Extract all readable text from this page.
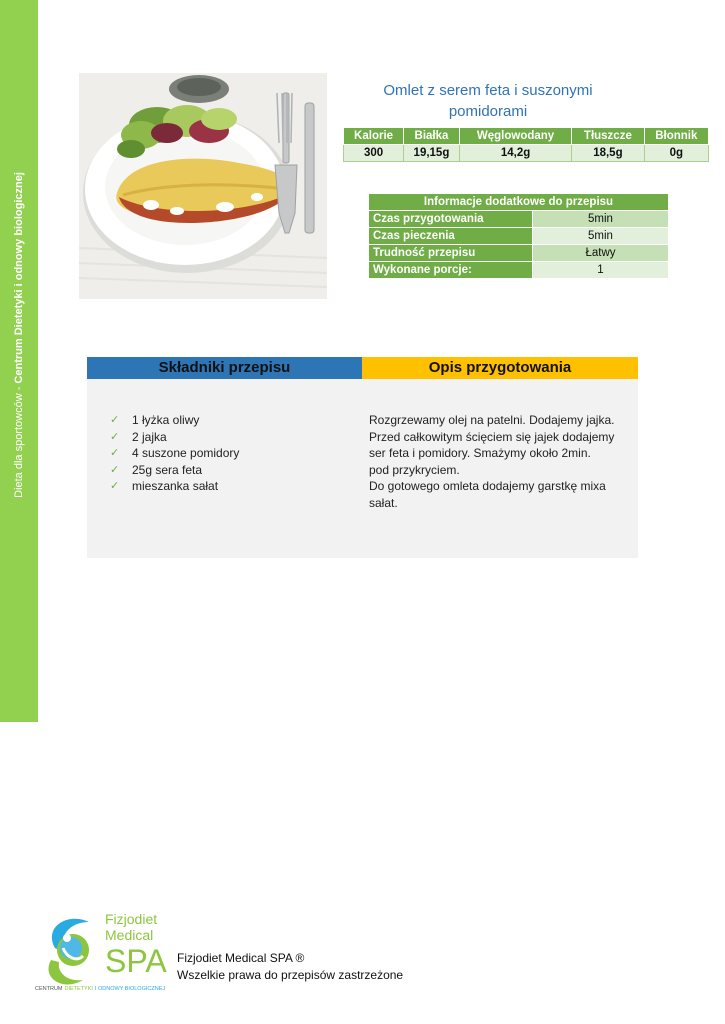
Dieta dla sportowców - Centrum Dietetyki i odnowy biologicznej
Omlet z serem feta i suszonymi
pomidorami
Kalorie	Białka	Węglowodany	Tłuszcze	Błonnik
300	19,15g	14,2g	18,5g	0g
Informacje dodatkowe do przepisu	
Czas przygotowania	5min
Czas pieczenia	5min
Trudność przepisu	Łatwy
Wykonane porcje:	1
Składniki przepisu	Opis przygotowania
✓ 1 łyżka oliwy
✓ 2 jajka
✓ 4 suszone pomidory
✓ 25g sera feta
✓ mieszanka sałat
Rozgrzewamy olej na patelni. Dodajemy jajka.
Przed całkowitym ścięciem się jajek dodajemy
ser feta i pomidory. Smażymy około 2min.
pod przykryciem.
Do gotowego omleta dodajemy garstkę mixa
sałat.
Fizjodiet
Medical
SPA
CENTRUM DIETETYKI I ODNOWY BIOLOGICZNEJ
Fizjodiet Medical SPA ®
Wszelkie prawa do przepisów zastrzeżone
